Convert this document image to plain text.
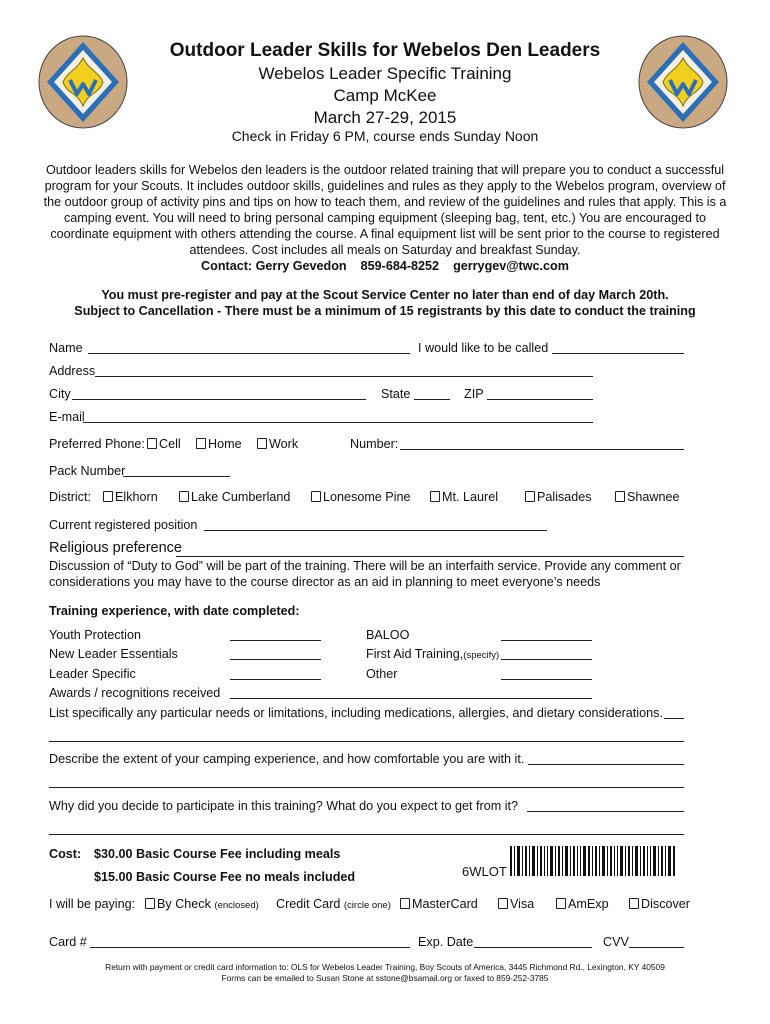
Outdoor Leader Skills for Webelos Den Leaders
Webelos Leader Specific Training
Camp McKee
March 27-29, 2015
Check in Friday 6 PM, course ends Sunday Noon
Outdoor leaders skills for Webelos den leaders is the outdoor related training that will prepare you to conduct a successful program for your Scouts. It includes outdoor skills, guidelines and rules as they apply to the Webelos program, overview of the outdoor group of activity pins and tips on how to teach them, and review of the guidelines and rules that apply. This is a camping event. You will need to bring personal camping equipment (sleeping bag, tent, etc.) You are encouraged to coordinate equipment with others attending the course. A final equipment list will be sent prior to the course to registered attendees. Cost includes all meals on Saturday and breakfast Sunday.
Contact: Gerry Gevedon 859-684-8252 gerrygev@twc.com
You must pre-register and pay at the Scout Service Center no later than end of day March 20th.
Subject to Cancellation - There must be a minimum of 15 registrants by this date to conduct the training
Name	I would like to be called
Address
City	State	ZIP
E-mail
Preferred Phone:	Cell	Home	Work	Number:
Pack Number
District:	Elkhorn	Lake Cumberland	Lonesome Pine	Mt. Laurel	Palisades	Shawnee
Current registered position
Religious preference
Discussion of “Duty to God” will be part of the training. There will be an interfaith service. Provide any comment or considerations you may have to the course director as an aid in planning to meet everyone’s needs
Training experience, with date completed:
Youth Protection	BALOO
New Leader Essentials	First Aid Training,(specify)
Leader Specific	Other
Awards / recognitions received
List specifically any particular needs or limitations, including medications, allergies, and dietary considerations.
Describe the extent of your camping experience, and how comfortable you are with it.
Why did you decide to participate in this training? What do you expect to get from it?
Cost: $30.00 Basic Course Fee including meals
$15.00 Basic Course Fee no meals included	6WLOT
I will be paying:	By Check (enclosed) Credit Card (circle one)	MasterCard	Visa	AmExp	Discover
Card #	Exp. Date	CVV
Return with payment or credit card information to: OLS for Webelos Leader Training, Boy Scouts of America, 3445 Richmond Rd., Lexington, KY 40509
Forms can be emailed to Susan Stone at sstone@bsamail.org or faxed to 859-252-3785
